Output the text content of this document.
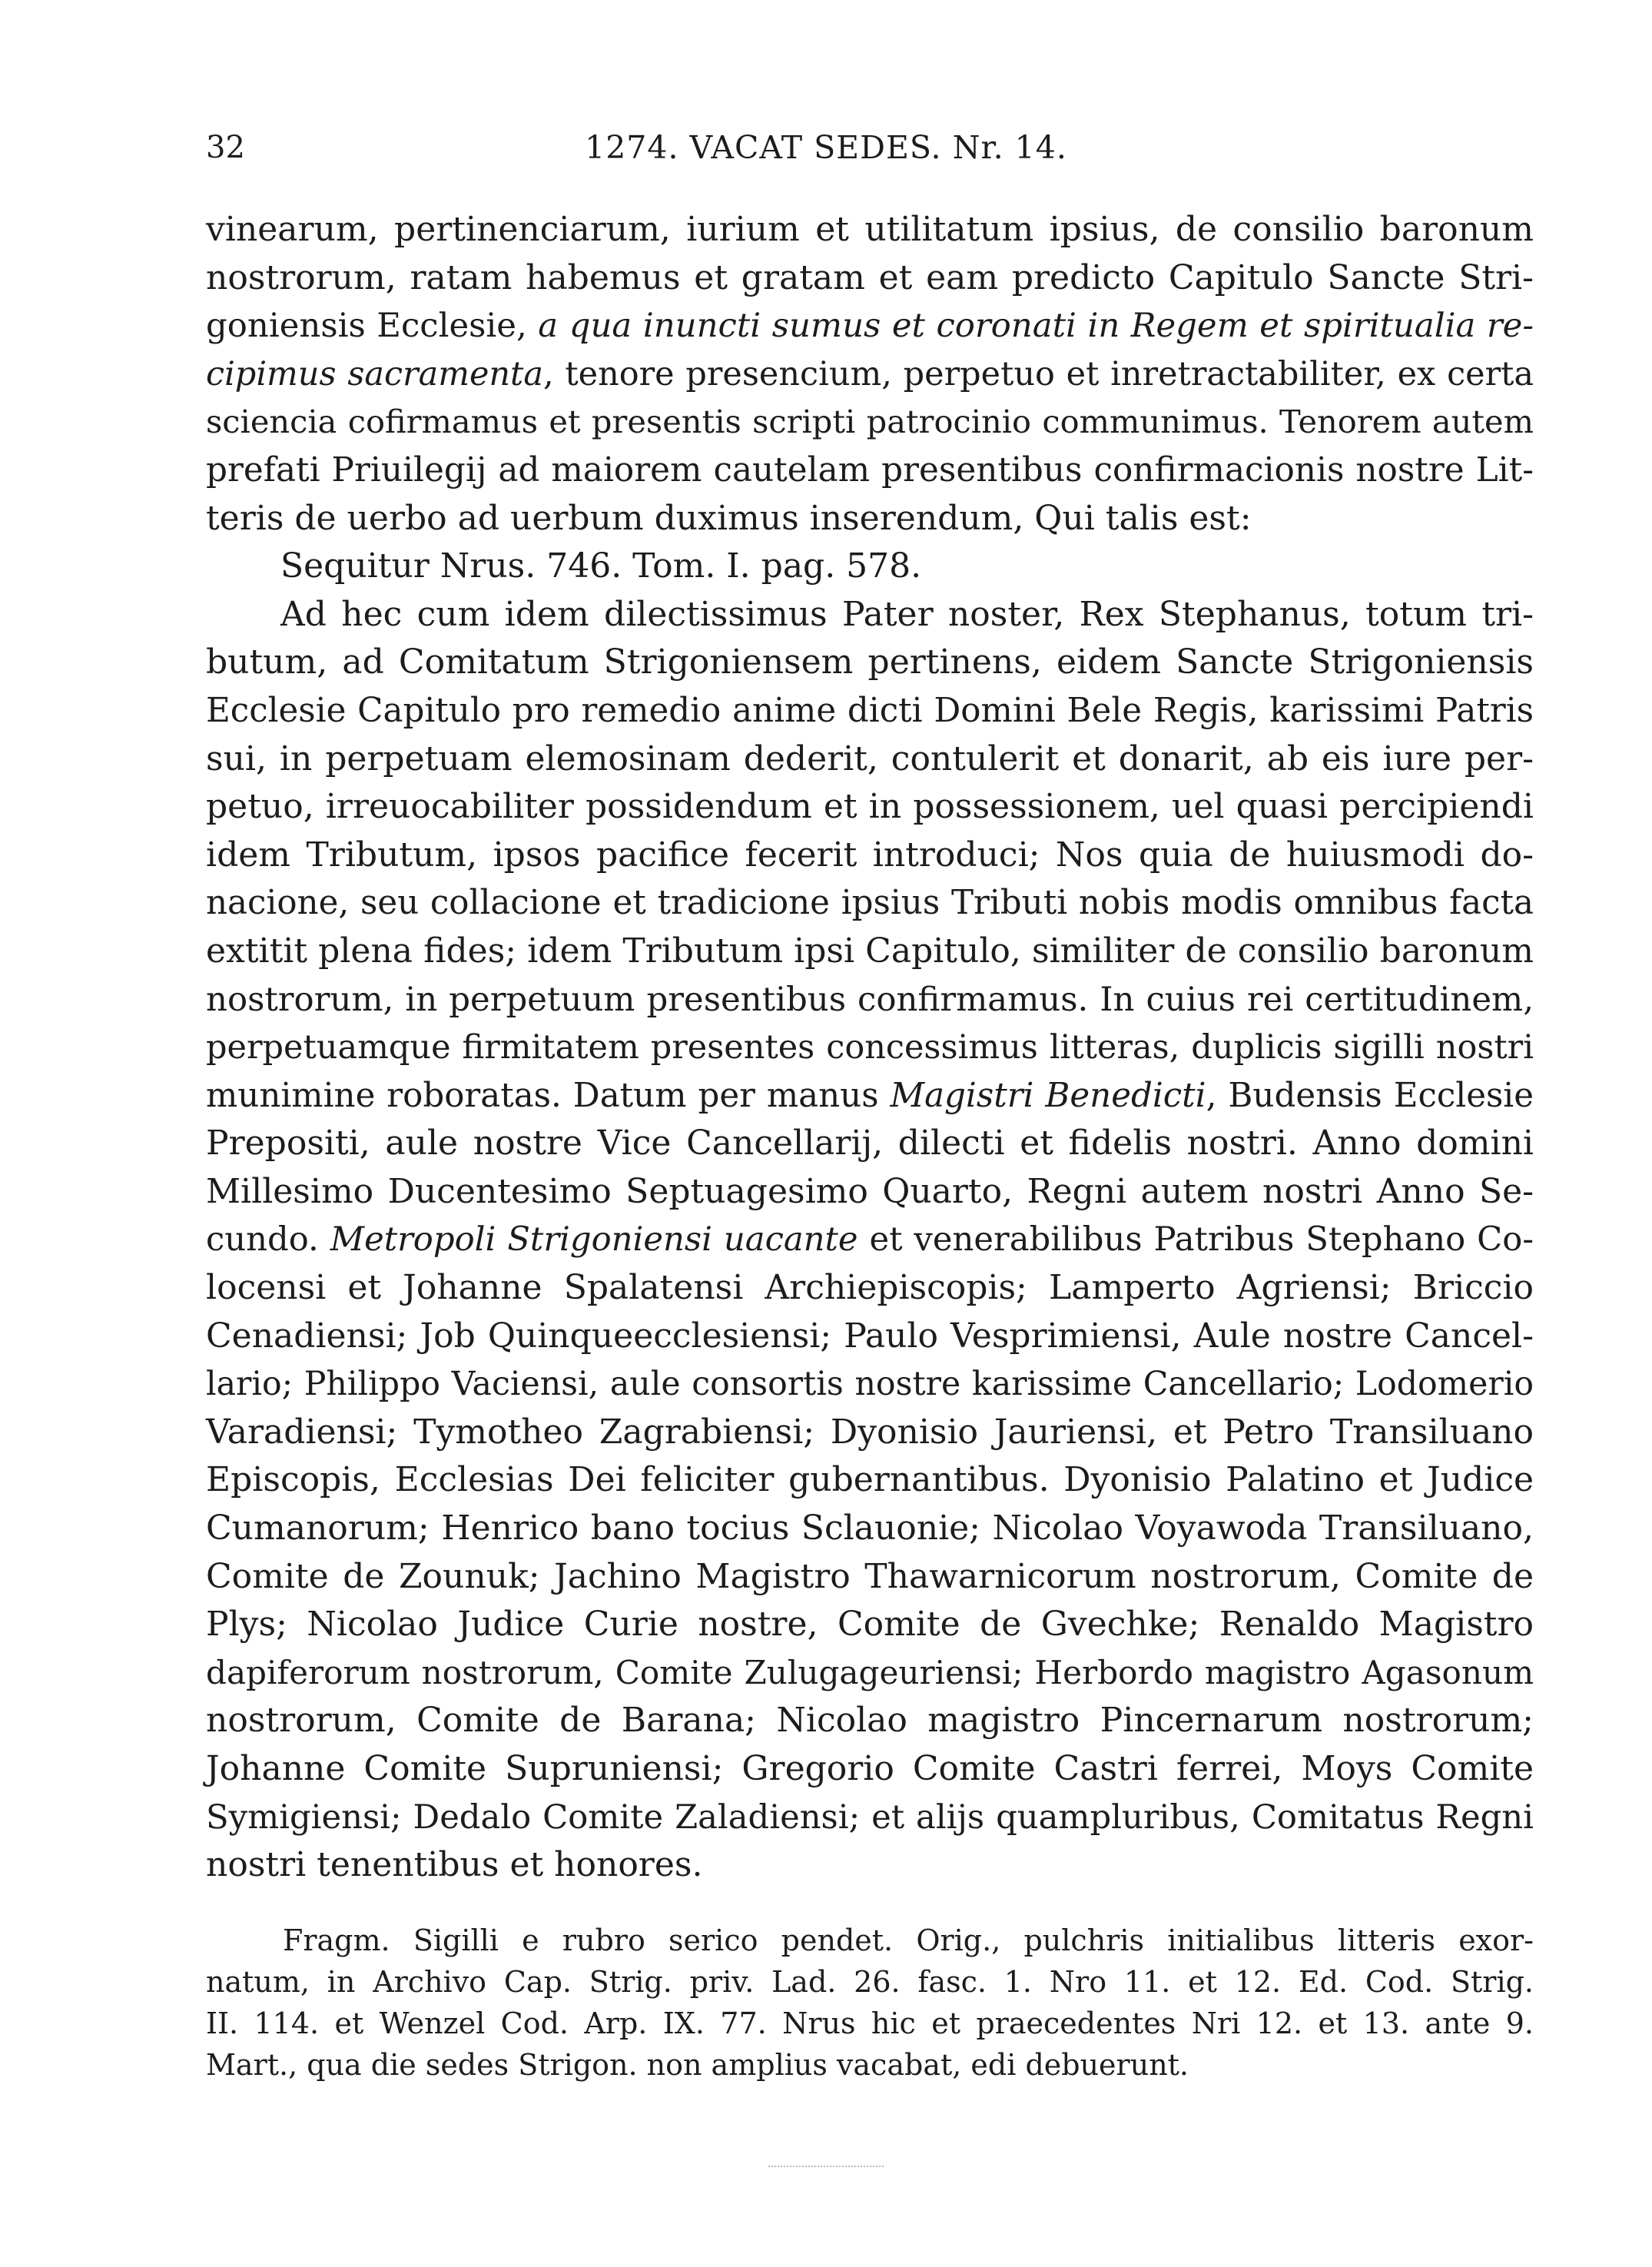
32	1274. VACAT SEDES. Nr. 14.
vinearum, pertinenciarum, iurium et utilitatum ipsius, de consilio baronum
nostrorum, ratam habemus et gratam et eam predicto Capitulo Sancte Stri-
goniensis Ecclesie, a qua inuncti sumus et coronati in Regem et spiritualia re-
cipimus sacramenta, tenore presencium, perpetuo et inretractabiliter, ex certa
sciencia cofirmamus et presentis scripti patrocinio communimus. Tenorem autem
prefati Priuilegij ad maiorem cautelam presentibus confirmacionis nostre Lit-
teris de uerbo ad uerbum duximus inserendum, Qui talis est:
Sequitur Nrus. 746. Tom. I. pag. 578.
Ad hec cum idem dilectissimus Pater noster, Rex Stephanus, totum tri-
butum, ad Comitatum Strigoniensem pertinens, eidem Sancte Strigoniensis
Ecclesie Capitulo pro remedio anime dicti Domini Bele Regis, karissimi Patris
sui, in perpetuam elemosinam dederit, contulerit et donarit, ab eis iure per-
petuo, irreuocabiliter possidendum et in possessionem, uel quasi percipiendi
idem Tributum, ipsos pacifice fecerit introduci; Nos quia de huiusmodi do-
nacione, seu collacione et tradicione ipsius Tributi nobis modis omnibus facta
extitit plena fides; idem Tributum ipsi Capitulo, similiter de consilio baronum
nostrorum, in perpetuum presentibus confirmamus. In cuius rei certitudinem,
perpetuamque firmitatem presentes concessimus litteras, duplicis sigilli nostri
munimine roboratas. Datum per manus Magistri Benedicti, Budensis Ecclesie
Prepositi, aule nostre Vice Cancellarij, dilecti et fidelis nostri. Anno domini
Millesimo Ducentesimo Septuagesimo Quarto, Regni autem nostri Anno Se-
cundo. Metropoli Strigoniensi uacante et venerabilibus Patribus Stephano Co-
locensi et Johanne Spalatensi Archiepiscopis; Lamperto Agriensi; Briccio
Cenadiensi; Job Quinqueecclesiensi; Paulo Vesprimiensi, Aule nostre Cancel-
lario; Philippo Vaciensi, aule consortis nostre karissime Cancellario; Lodomerio
Varadiensi; Tymotheo Zagrabiensi; Dyonisio Jauriensi, et Petro Transiluano
Episcopis, Ecclesias Dei feliciter gubernantibus. Dyonisio Palatino et Judice
Cumanorum; Henrico bano tocius Sclauonie; Nicolao Voyawoda Transiluano,
Comite de Zounuk; Jachino Magistro Thawarnicorum nostrorum, Comite de
Plys; Nicolao Judice Curie nostre, Comite de Gvechke; Renaldo Magistro
dapiferorum nostrorum, Comite Zulugageuriensi; Herbordo magistro Agasonum
nostrorum, Comite de Barana; Nicolao magistro Pincernarum nostrorum;
Johanne Comite Supruniensi; Gregorio Comite Castri ferrei, Moys Comite
Symigiensi; Dedalo Comite Zaladiensi; et alijs quampluribus, Comitatus Regni
nostri tenentibus et honores.
Fragm. Sigilli e rubro serico pendet. Orig., pulchris initialibus litteris exor-
natum, in Archivo Cap. Strig. priv. Lad. 26. fasc. 1. Nro 11. et 12. Ed. Cod. Strig.
II. 114. et Wenzel Cod. Arp. IX. 77. Nrus hic et praecedentes Nri 12. et 13. ante 9.
Mart., qua die sedes Strigon. non amplius vacabat, edi debuerunt.
